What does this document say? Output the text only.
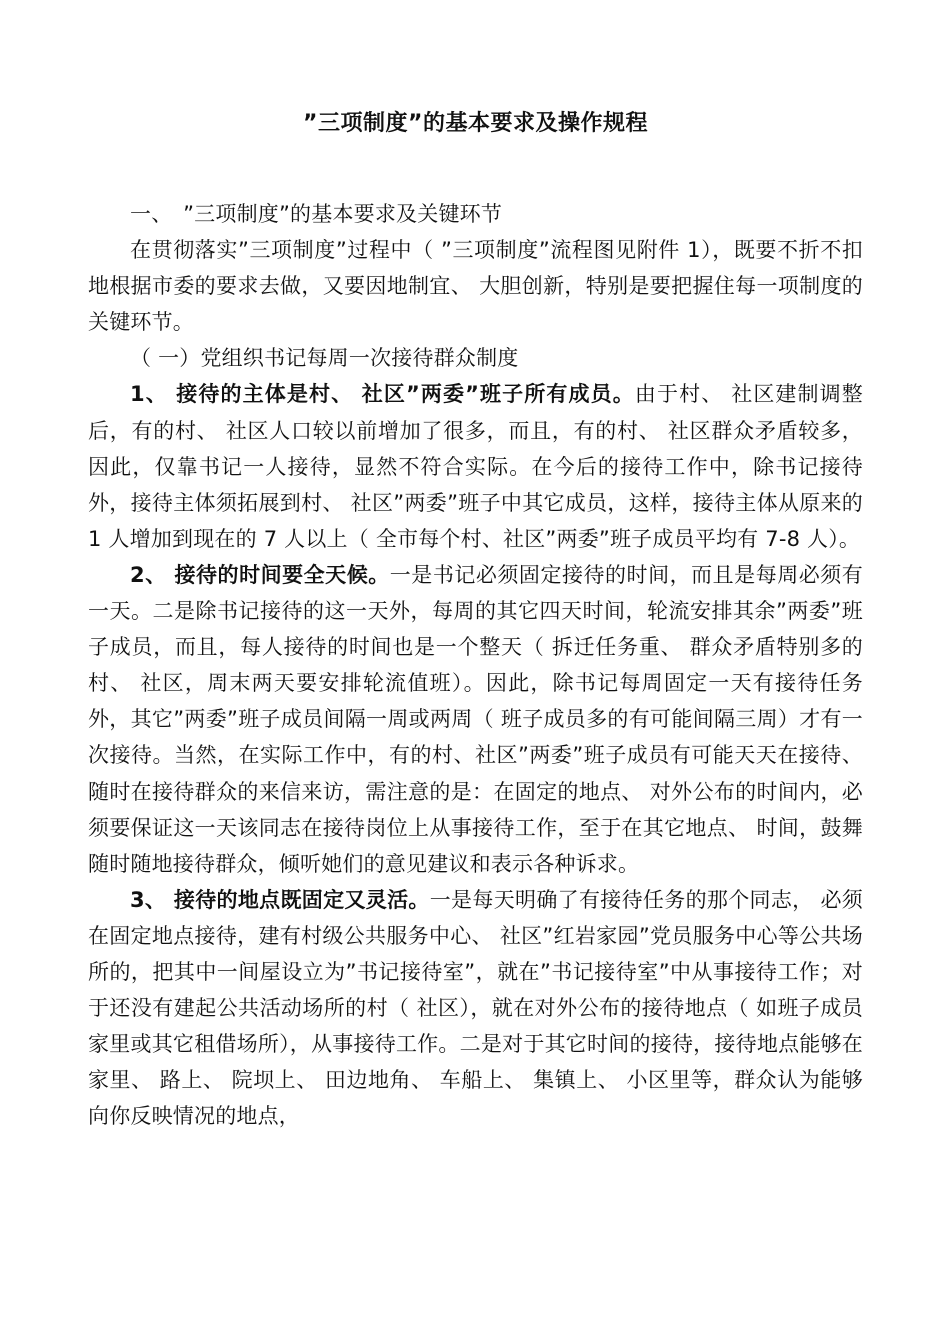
”三项制度”的基本要求及操作规程

一、　”三项制度”的基本要求及关键环节

在贯彻落实”三项制度”过程中（ ”三项制度”流程图见附件 1），既要不折不扣地根据市委的要求去做，又要因地制宜、 大胆创新，特别是要把握住每一项制度的关键环节。

（ 一）党组织书记每周一次接待群众制度

1、 接待的主体是村、 社区”两委”班子所有成员。由于村、 社区建制调整后，有的村、 社区人口较以前增加了很多，而且，有的村、 社区群众矛盾较多，因此，仅靠书记一人接待，显然不符合实际。在今后的接待工作中，除书记接待外，接待主体须拓展到村、 社区”两委”班子中其它成员，这样，接待主体从原来的 1 人增加到现在的 7 人以上（ 全市每个村、社区”两委”班子成员平均有 7-8 人）。

2、 接待的时间要全天候。一是书记必须固定接待的时间，而且是每周必须有一天。二是除书记接待的这一天外，每周的其它四天时间，轮流安排其余”两委”班子成员，而且，每人接待的时间也是一个整天（ 拆迁任务重、 群众矛盾特别多的村、 社区，周末两天要安排轮流值班）。因此，除书记每周固定一天有接待任务外，其它”两委”班子成员间隔一周或两周（ 班子成员多的有可能间隔三周）才有一次接待。当然，在实际工作中，有的村、社区”两委”班子成员有可能天天在接待、 随时在接待群众的来信来访，需注意的是：在固定的地点、 对外公布的时间内，必须要保证这一天该同志在接待岗位上从事接待工作，至于在其它地点、 时间，鼓舞随时随地接待群众，倾听她们的意见建议和表示各种诉求。

3、 接待的地点既固定又灵活。一是每天明确了有接待任务的那个同志， 必须在固定地点接待，建有村级公共服务中心、 社区”红岩家园”党员服务中心等公共场所的，把其中一间屋设立为”书记接待室”，就在”书记接待室”中从事接待工作；对于还没有建起公共活动场所的村（ 社区），就在对外公布的接待地点（ 如班子成员家里或其它租借场所），从事接待工作。二是对于其它时间的接待，接待地点能够在家里、 路上、 院坝上、 田边地角、 车船上、 集镇上、 小区里等，群众认为能够向你反映情况的地点，
